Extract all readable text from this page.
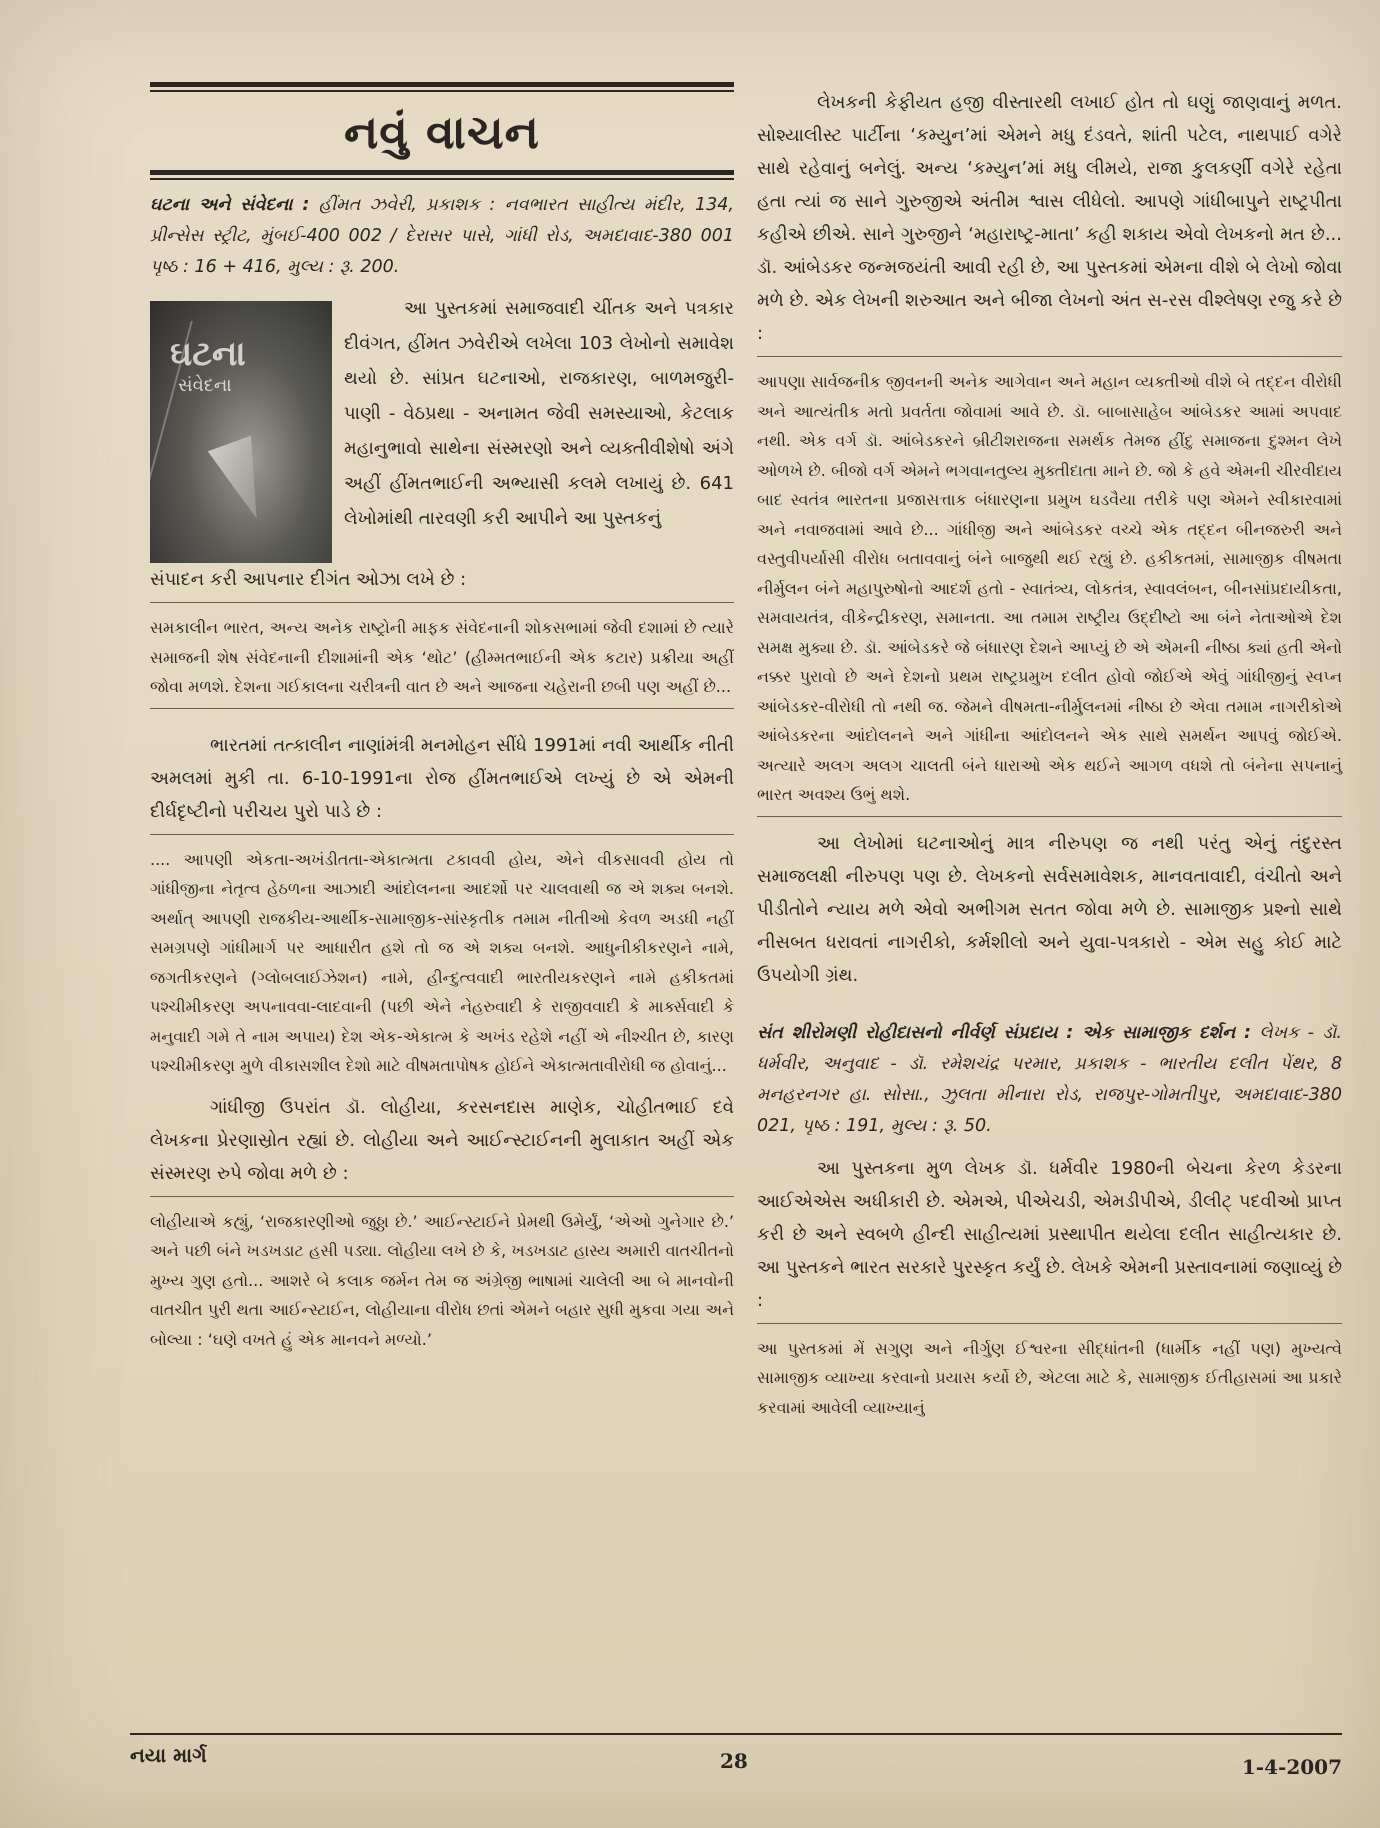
નવું વાચન

ઘટના અને સંવેદના : હીંમત ઝવેરી, પ્રકાશક : નવભારત સાહીત્ય મંદીર, 134, પ્રીન્સેસ સ્ટ્રીટ, મુંબઈ-400 002 / દેરાસર પાસે, ગાંધી રોડ, અમદાવાદ-380 001 પૃષ્ઠ : 16 + 416, મુલ્ય : રૂ. 200.

ઘટના
સંવેદના

આ પુસ્તકમાં સમાજવાદી ચીંતક અને પત્રકાર દીવંગત, હીંમત ઝવેરીએ લખેલા 103 લેખોનો સમાવેશ થયો છે. સાંપ્રત ઘટનાઓ, રાજકારણ, બાળમજુરી-પાણી - વેઠપ્રથા - અનામત જેવી સમસ્યાઓ, કેટલાક મહાનુભાવો સાથેના સંસ્મરણો અને વ્યક્તીવીશેષો અંગે અહીં હીંમતભાઈની અભ્યાસી કલમે લખાયું છે. 641 લેખોમાંથી તારવણી કરી આપીને આ પુસ્તકનું

સંપાદન કરી આપનાર દીગંત ઓઝા લખે છે :

સમકાલીન ભારત, અન્ય અનેક રાષ્ટ્રોની માફક સંવેદનાની શોકસભામાં જેવી દશામાં છે ત્યારે સમાજની શેષ સંવેદનાની દીશામાંની એક ‘થોટ’ (હીમ્મતભાઈની એક કટાર) પ્રક્રીયા અહીં જોવા મળશે. દેશના ગઈકાલના ચરીત્રની વાત છે અને આજના ચહેરાની છબી પણ અહીં છે...

ભારતમાં તત્કાલીન નાણાંમંત્રી મનમોહન સીંધે 1991માં નવી આર્થીક નીતી અમલમાં મુકી તા. 6-10-1991ના રોજ હીંમતભાઈએ લખ્યું છે એ એમની દીર્ઘદૃષ્ટીનો પરીચય પુરો પાડે છે :

.... આપણી એકતા-અખંડીતતા-એકાત્મતા ટકાવવી હોય, એને વીકસાવવી હોય તો ગાંધીજીના નેતૃત્વ હેઠળના આઝાદી આંદોલનના આદર્શો પર ચાલવાથી જ એ શક્ય બનશે. અર્થાત્ આપણી રાજકીય-આર્થીક-સામાજીક-સાંસ્કૃતીક તમામ નીતીઓ કેવળ અડધી નહીં સમગ્રપણે ગાંધીમાર્ગ પર આધારીત હશે તો જ એ શક્ય બનશે. આધુનીકીકરણને નામે, જગતીકરણને (ગ્લોબલાઈઝેશન) નામે, હીન્દુત્વવાદી ભારતીયકરણને નામે હકીકતમાં પશ્ચીમીકરણ અપનાવવા-લાદવાની (પછી એને નેહરુવાદી કે રાજીવવાદી કે માર્ક્સવાદી કે મનુવાદી ગમે તે નામ અપાય) દેશ એક-એકાત્મ કે અખંડ રહેશે નહીં એ નીશ્ચીત છે, કારણ પશ્ચીમીકરણ મુળે વીકાસશીલ દેશો માટે વીષમતાપોષક હોઈને એકાત્મતાવીરોધી જ હોવાનું...

ગાંધીજી ઉપરાંત ડૉ. લોહીયા, કરસનદાસ માણેક, ચોહીતભાઈ દવે લેખકના પ્રેરણાસ્રોત રહ્યાં છે. લોહીયા અને આઈન્સ્ટાઈનની મુલાકાત અહીં એક સંસ્મરણ રુપે જોવા મળે છે :

લોહીયાએ કહ્યું, ‘રાજકારણીઓ જુઠ્ઠા છે.’ આઈન્સ્ટાઈને પ્રેમથી ઉમેર્યું, ‘એઓ ગુનેગાર છે.’ અને પછી બંને ખડખડાટ હસી પડ્યા. લોહીયા લખે છે કે, ખડખડાટ હાસ્ય અમારી વાતચીતનો મુખ્ય ગુણ હતો... આશરે બે કલાક જર્મન તેમ જ અંગ્રેજી ભાષામાં ચાલેલી આ બે માનવોની વાતચીત પુરી થતા આઈન્સ્ટાઈન, લોહીયાના વીરોધ છતાં એમને બહાર સુધી મુકવા ગયા અને બોલ્યા : ‘ઘણે વખતે હું એક માનવને મળ્યો.’

લેખકની કેફીયત હજી વીસ્તારથી લખાઈ હોત તો ઘણું જાણવાનું મળત. સોશ્યાલીસ્ટ પાર્ટીના ‘કમ્યુન’માં એમને મધુ દંડવતે, શાંતી પટેલ, નાથપાઈ વગેરે સાથે રહેવાનું બનેલું. અન્ય ‘કમ્યુન’માં મધુ લીમયે, રાજા કુલકર્ણી વગેરે રહેતા હતા ત્યાં જ સાને ગુરુજીએ અંતીમ શ્વાસ લીધેલો. આપણે ગાંધીબાપુને રાષ્ટ્રપીતા કહીએ છીએ. સાને ગુરુજીને ‘મહારાષ્ટ્ર-માતા’ કહી શકાય એવો લેખકનો મત છે... ડૉ. આંબેડકર જન્મજયંતી આવી રહી છે, આ પુસ્તકમાં એમના વીશે બે લેખો જોવા મળે છે. એક લેખની શરુઆત અને બીજા લેખનો અંત સ-રસ વીશ્લેષણ રજુ કરે છે :

આપણા સાર્વજનીક જીવનની અનેક આગેવાન અને મહાન વ્યક્તીઓ વીશે બે તદ્દન વીરોધી અને આત્યંતીક મતો પ્રવર્તતા જોવામાં આવે છે. ડૉ. બાબાસાહેબ આંબેડકર આમાં અપવાદ નથી. એક વર્ગ ડૉ. આંબેડકરને બ્રીટીશરાજના સમર્થક તેમજ હીંદુ સમાજના દુશ્મન લેખે ઓળખે છે. બીજો વર્ગ એમને ભગવાનતુલ્ય મુક્તીદાતા માને છે. જો કે હવે એમની ચીરવીદાય બાદ સ્વતંત્ર ભારતના પ્રજાસત્તાક બંધારણના પ્રમુખ ઘડવૈયા તરીકે પણ એમને સ્વીકારવામાં અને નવાજવામાં આવે છે... ગાંધીજી અને આંબેડકર વચ્ચે એક તદ્દન બીનજરુરી અને વસ્તુવીપર્યાસી વીરોધ બતાવવાનું બંને બાજુથી થઈ રહ્યું છે. હકીકતમાં, સામાજીક વીષમતા નીર્મુલન બંને મહાપુરુષોનો આદર્શ હતો - સ્વાતંત્ર્ય, લોકતંત્ર, સ્વાવલંબન, બીનસાંપ્રદાયીકતા, સમવાયતંત્ર, વીકેન્દ્રીકરણ, સમાનતા. આ તમામ રાષ્ટ્રીય ઉદ્દીષ્ટો આ બંને નેતાઓએ દેશ સમક્ષ મુક્યા છે. ડૉ. આંબેડકરે જે બંધારણ દેશને આપ્યું છે એ એમની નીષ્ઠા ક્યાં હતી એનો નક્કર પુરાવો છે અને દેશનો પ્રથમ રાષ્ટ્રપ્રમુખ દલીત હોવો જોઈએ એવું ગાંધીજીનું સ્વપ્ન આંબેડકર-વીરોધી તો નથી જ. જેમને વીષમતા-નીર્મુલનમાં નીષ્ઠા છે એવા તમામ નાગરીકોએ આંબેડકરના આંદોલનને અને ગાંધીના આંદોલનને એક સાથે સમર્થન આપવું જોઈએ. અત્યારે અલગ અલગ ચાલતી બંને ધારાઓ એક થઈને આગળ વધશે તો બંનેના સપનાનું ભારત અવશ્ય ઉભું થશે.

આ લેખોમાં ઘટનાઓનું માત્ર નીરુપણ જ નથી પરંતુ એનું તંદુરસ્ત સમાજલક્ષી નીરુપણ પણ છે. લેખકનો સર્વસમાવેશક, માનવતાવાદી, વંચીતો અને પીડીતોને ન્યાય મળે એવો અભીગમ સતત જોવા મળે છે. સામાજીક પ્રશ્નો સાથે નીસબત ધરાવતાં નાગરીકો, કર્મશીલો અને યુવા-પત્રકારો - એમ સહુ કોઈ માટે ઉપયોગી ગ્રંથ.

સંત શીરોમણી રોહીદાસનો નીર્વર્ણ સંપ્રદાય : એક સામાજીક દર્શન : લેખક - ડૉ. ધર્મવીર, અનુવાદ - ડૉ. રમેશચંદ્ર પરમાર, પ્રકાશક - ભારતીય દલીત પેંથર, 8 મનહરનગર હા. સોસા., ઝુલતા મીનારા રોડ, રાજપુર-ગોમતીપુર, અમદાવાદ-380 021, પૃષ્ઠ : 191, મુલ્ય : રૂ. 50.

આ પુસ્તકના મુળ લેખક ડૉ. ધર્મવીર 1980ની બેચના કેરળ કેડરના આઈએએસ અધીકારી છે. એમએ, પીએચડી, એમડીપીએ, ડીલીટ્ પદવીઓ પ્રાપ્ત કરી છે અને સ્વબળે હીન્દી સાહીત્યમાં પ્રસ્થાપીત થયેલા દલીત સાહીત્યકાર છે. આ પુસ્તકને ભારત સરકારે પુરસ્કૃત કર્યું છે. લેખકે એમની પ્રસ્તાવનામાં જણાવ્યું છે :

આ પુસ્તકમાં મેં સગુણ અને નીર્ગુણ ઈશ્વરના સીદ્ધાંતની (ધાર્મીક નહીં પણ) મુખ્યત્વે સામાજીક વ્યાખ્યા કરવાનો પ્રયાસ કર્યો છે, એટલા માટે કે, સામાજીક ઈતીહાસમાં આ પ્રકારે કરવામાં આવેલી વ્યાખ્યાનું

નયા માર્ગ	28	1-4-2007
